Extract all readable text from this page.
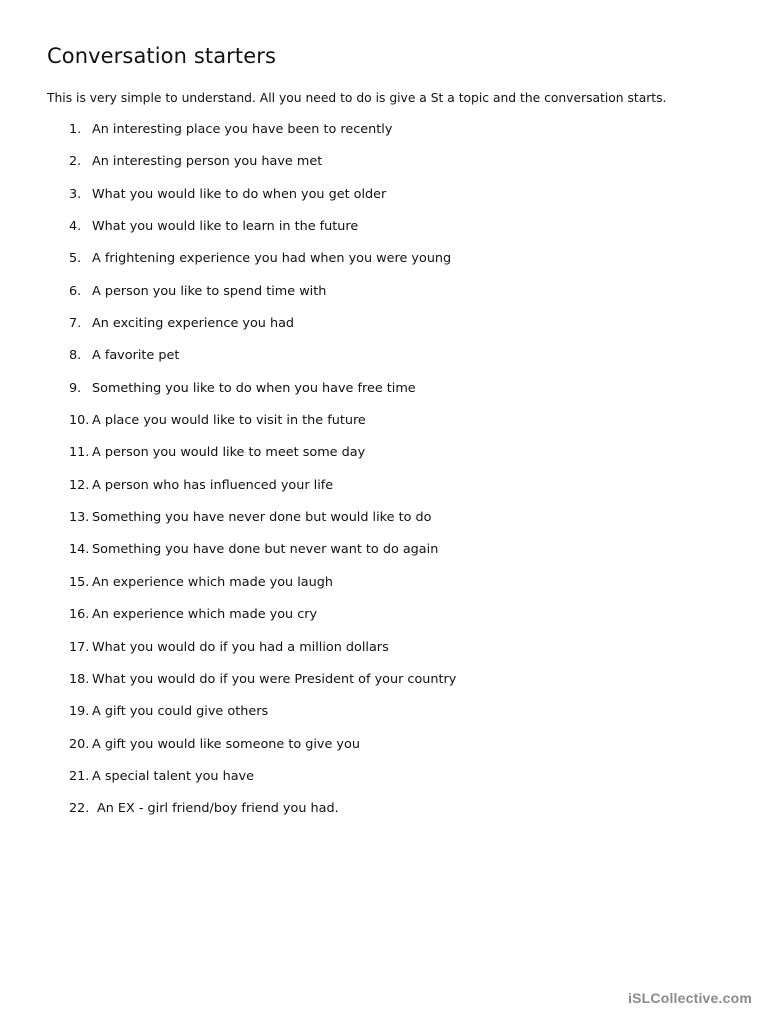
Conversation starters

This is very simple to understand. All you need to do is give a St a topic and the conversation starts.

1. An interesting place you have been to recently
2. An interesting person you have met
3. What you would like to do when you get older
4. What you would like to learn in the future
5. A frightening experience you had when you were young
6. A person you like to spend time with
7. An exciting experience you had
8. A favorite pet
9. Something you like to do when you have free time
10. A place you would like to visit in the future
11. A person you would like to meet some day
12. A person who has influenced your life
13. Something you have never done but would like to do
14. Something you have done but never want to do again
15. An experience which made you laugh
16. An experience which made you cry
17. What you would do if you had a million dollars
18. What you would do if you were President of your country
19. A gift you could give others
20. A gift you would like someone to give you
21. A special talent you have
22. An EX - girl friend/boy friend you had.
iSLCollective.com
